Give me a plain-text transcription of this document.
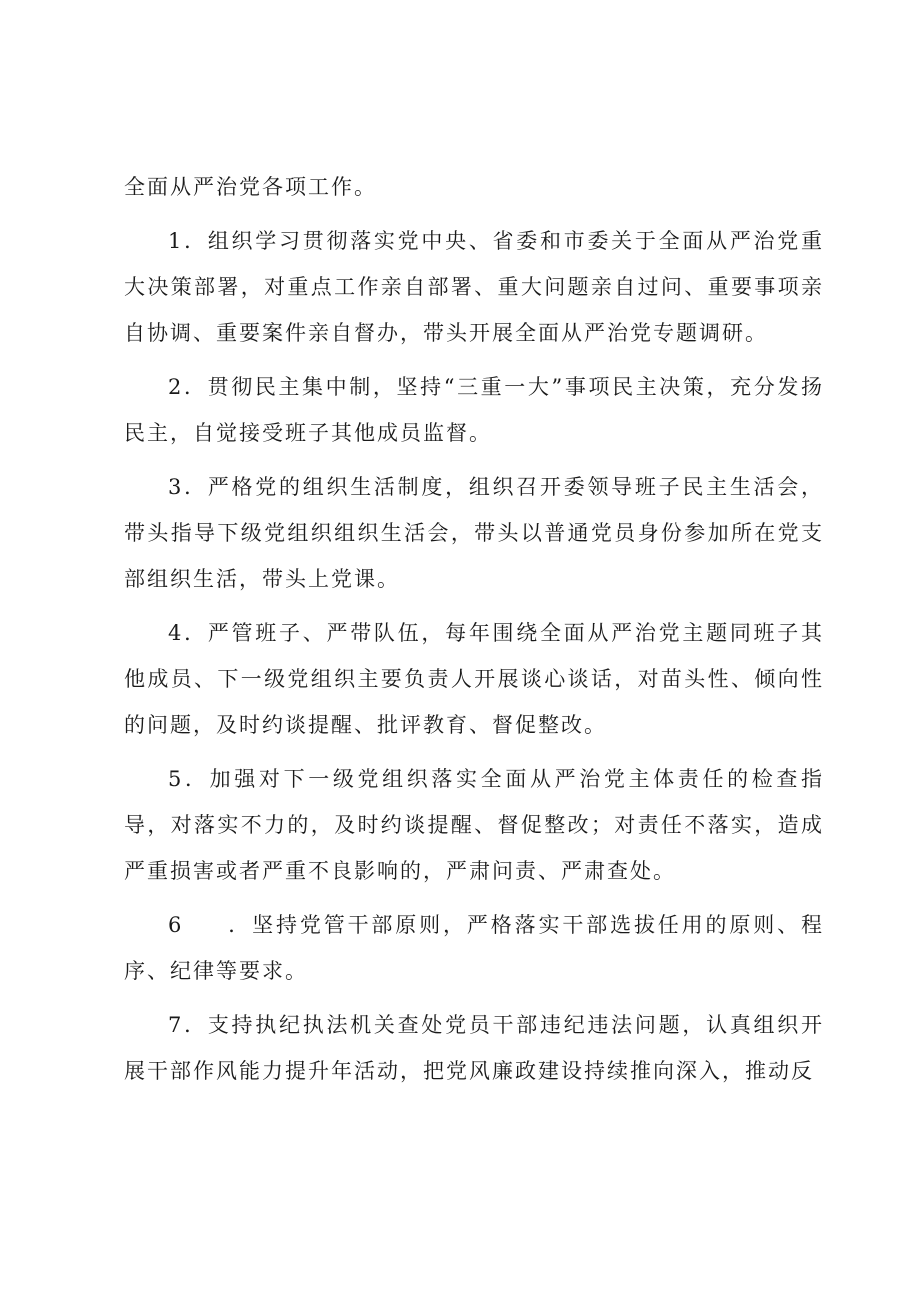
全面从严治党各项工作。

1．组织学习贯彻落实党中央、省委和市委关于全面从严治党重大决策部署，对重点工作亲自部署、重大问题亲自过问、重要事项亲自协调、重要案件亲自督办，带头开展全面从严治党专题调研。

2．贯彻民主集中制，坚持“三重一大”事项民主决策，充分发扬民主，自觉接受班子其他成员监督。

3．严格党的组织生活制度，组织召开委领导班子民主生活会，带头指导下级党组织组织生活会，带头以普通党员身份参加所在党支部组织生活，带头上党课。

4．严管班子、严带队伍，每年围绕全面从严治党主题同班子其他成员、下一级党组织主要负责人开展谈心谈话，对苗头性、倾向性的问题，及时约谈提醒、批评教育、督促整改。

5．加强对下一级党组织落实全面从严治党主体责任的检查指导，对落实不力的，及时约谈提醒、督促整改；对责任不落实，造成严重损害或者严重不良影响的，严肃问责、严肃查处。

6 ．坚持党管干部原则，严格落实干部选拔任用的原则、程序、纪律等要求。

7．支持执纪执法机关查处党员干部违纪违法问题，认真组织开展干部作风能力提升年活动，把党风廉政建设持续推向深入，推动反
